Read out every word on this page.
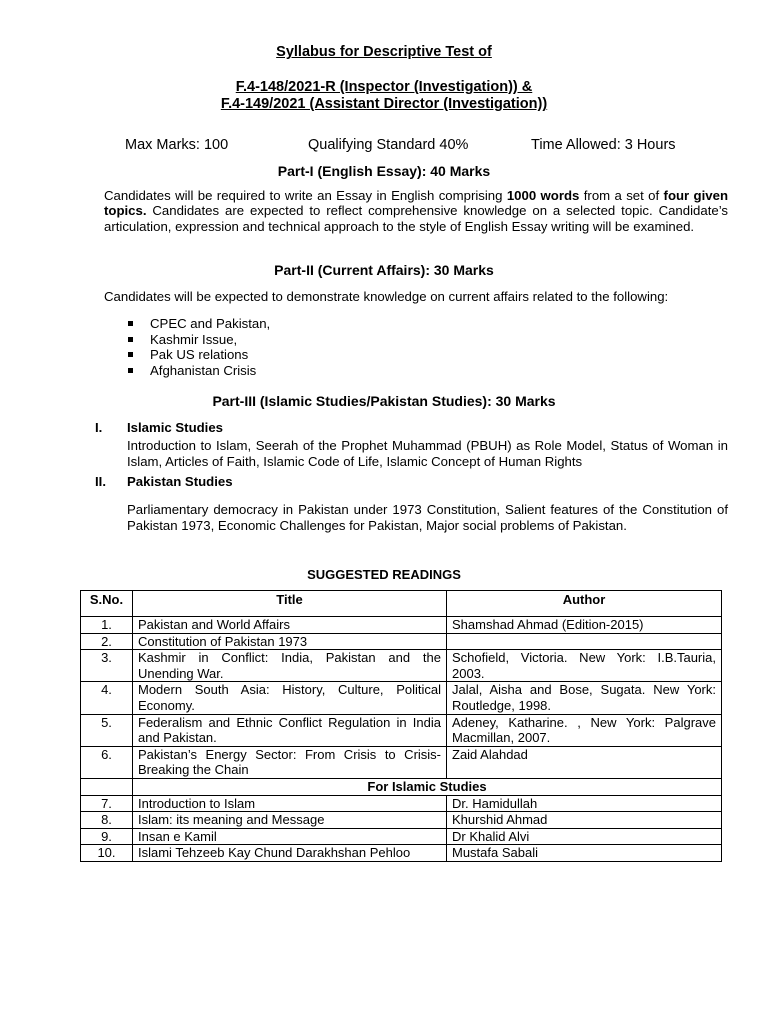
Syllabus for Descriptive Test of
F.4-148/2021-R (Inspector (Investigation)) &
F.4-149/2021 (Assistant Director (Investigation))
Max Marks: 100	Qualifying Standard 40%	Time Allowed: 3 Hours
Part-I (English Essay): 40 Marks
Candidates will be required to write an Essay in English comprising 1000 words from a set of four given topics. Candidates are expected to reflect comprehensive knowledge on a selected topic. Candidate’s articulation, expression and technical approach to the style of English Essay writing will be examined.
Part-II (Current Affairs): 30 Marks
Candidates will be expected to demonstrate knowledge on current affairs related to the following:
CPEC and Pakistan,
Kashmir Issue,
Pak US relations
Afghanistan Crisis
Part-III (Islamic Studies/Pakistan Studies): 30 Marks
I. Islamic Studies
Introduction to Islam, Seerah of the Prophet Muhammad (PBUH) as Role Model, Status of Woman in Islam, Articles of Faith, Islamic Code of Life, Islamic Concept of Human Rights
II. Pakistan Studies
Parliamentary democracy in Pakistan under 1973 Constitution, Salient features of the Constitution of Pakistan 1973, Economic Challenges for Pakistan, Major social problems of Pakistan.
SUGGESTED READINGS
S.No.	Title	Author
1.	Pakistan and World Affairs	Shamshad Ahmad (Edition-2015)
2.	Constitution of Pakistan 1973	
3.	Kashmir in Conflict: India, Pakistan and the Unending War.	Schofield, Victoria. New York: I.B.Tauria, 2003.
4.	Modern South Asia: History, Culture, Political Economy.	Jalal, Aisha and Bose, Sugata. New York: Routledge, 1998.
5.	Federalism and Ethnic Conflict Regulation in India and Pakistan.	Adeney, Katharine. , New York: Palgrave Macmillan, 2007.
6.	Pakistan’s Energy Sector: From Crisis to Crisis-Breaking the Chain	Zaid Alahdad
	For Islamic Studies	
7.	Introduction to Islam	Dr. Hamidullah
8.	Islam: its meaning and Message	Khurshid Ahmad
9.	Insan e Kamil	Dr Khalid Alvi
10.	Islami Tehzeeb Kay Chund Darakhshan Pehloo	Mustafa Sabali
